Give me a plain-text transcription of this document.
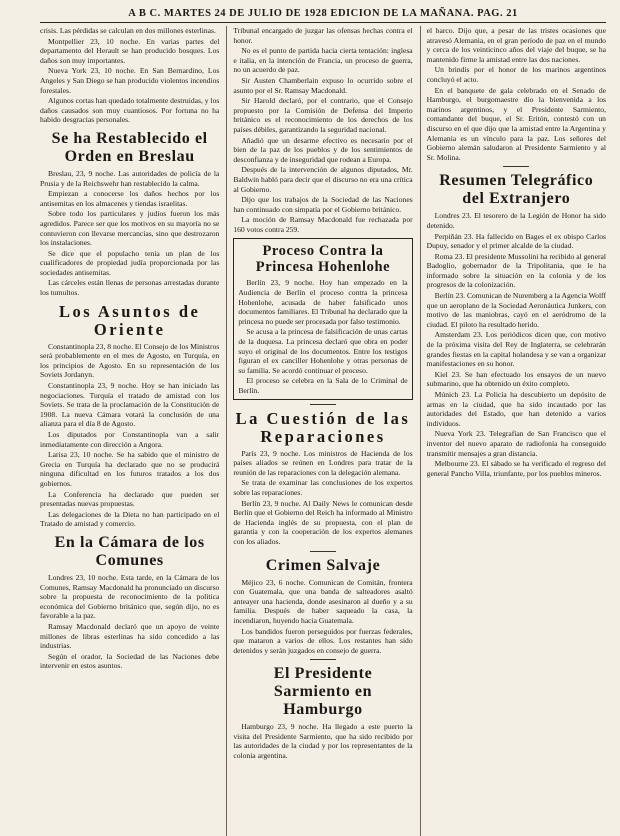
A B C. MARTES 24 DE JULIO DE 1928 EDICION DE LA MAÑANA. PAG. 21
crisis. Las pérdidas se calculan en dos millones esterlinas.
Montpellier 23, 10 noche. En varias partes del departamento del Herault se han producido bosques. Los daños son muy importantes.
Nueva York 23, 10 noche. En San Bernardino, Los Angeles y San Diego se han producido violentos incendios forestales.
Algunos cortas han quedado totalmente destruidas, y los daños causados son muy cuantiosos. Por fortuna no ha habido desgracias personales.
Se ha Restablecido el Orden en Breslau
Breslau, 23, 9 noche. Las autoridades de policía de la Prusia y de la Reichswehr han restablecido la calma.
Empiezan a conocerse los daños hechos por los antisemitas en los almacenes y tiendas israelitas.
Sobre todo los particulares y judíos fueron los más agredidos. Parece ser que los motivos en su mayoría no se contuvieron con llevarse mercancías, sino que destrozaron los instalaciones.
Se dice que el populacho tenía un plan de los cualificadores de propiedad judía proporcionada por las sociedades antisemitas.
Las cárceles están llenas de personas arrestadas durante los tumultos.
Los Asuntos de Oriente
Constantinopla 23, 8 noche. El Consejo de los Ministros será probablemente en el mes de Agosto, en Turquía, en los principios de Agosto. En su representación de los Soviets Jordanyn.
Constantinopla 23, 9 noche. Hoy se han iniciado las negociaciones. Turquía el tratado de amistad con los Soviets. Se trata de la proclamación de la Constitución de 1908. La nueva Cámara votará la conclusión de una alianza para el día 8 de Agosto.
Los diputados por Constantinopla van a salir inmediatamente con dirección a Angora.
Larisa 23, 10 noche. Se ha sabido que el ministro de Grecia en Turquía ha declarado que no se producirá ninguna dificultad en los futuros tratados a los dos gobiernos.
La Conferencia ha declarado que pueden ser presentadas nuevas propuestas.
Las delegaciones de la Dieta no han participado en el Tratado de amistad y comercio.
En la Cámara de los Comunes
Londres 23, 10 noche. Esta tarde, en la Cámara de los Comunes, Ramsay Macdonald ha pronunciado un discurso sobre la propuesta de reconocimiento de la política económica del Gobierno británico que, según dijo, no es favorable a la paz.
Ramsay Macdonald declaró que un apoyo de veinte millones de libras esterlinas ha sido concedido a las industrias.
Según el orador, la Sociedad de las Naciones debe intervenir en estos asuntos.
Tribunal encargado de juzgar las ofensas hechas contra el honor.
No es el punto de partida hacia cierta tentación: inglesa e italia, en la intención de Francia, un proceso de guerra, no un acuerdo de paz.
Sir Austen Chamberlain expuso lo ocurrido sobre el asunto por el Sr. Ramsay Macdonald.
Sir Harold declaró, por el contrario, que el Consejo propuesto por la Comisión de Defensa del Imperio británico es el reconocimiento de los derechos de los países débiles, garantizando la seguridad nacional.
Añadió que un desarme efectivo es necesario por el bien de la paz de los pueblos y de los sentimientos de desconfianza y de inseguridad que rodean a Europa.
Después de la intervención de algunos diputados, Mr. Baldwin habló para decir que el discurso no era una crítica al Gobierno.
Dijo que los trabajos de la Sociedad de las Naciones han continuado con simpatía por el Gobierno británico.
La moción de Ramsay Macdonald fue rechazada por 160 votos contra 259.
Proceso Contra la Princesa Hohenlohe
Berlín 23, 9 noche. Hoy han empezado en la Audiencia de Berlín el proceso contra la princesa Hohenlohe, acusada de haber falsificado unos documentos familiares. El Tribunal ha declarado que la princesa no puede ser procesada por falso testimonio.
Se acusa a la princesa de falsificación de unas cartas de la duquesa. La princesa declaró que obra en poder suyo el original de los documentos. Entre los testigos figuran el ex canciller Hohenlohe y otras personas de su familia. Se acordó continuar el proceso.
El proceso se celebra en la Sala de lo Criminal de Berlín.
La Cuestión de las Reparaciones
París 23, 9 noche. Los ministros de Hacienda de los países aliados se reúnen en Londres para tratar de la reunión de las reparaciones con la delegación alemana.
Se trata de examinar las conclusiones de los expertos sobre las reparaciones.
Berlín 23, 9 noche. Al Daily News le comunican desde Berlín que el Gobierno del Reich ha informado al Ministro de Hacienda inglés de su propuesta, con el plan de garantía y con la cooperación de los expertos alemanes con los aliados.
Crimen Salvaje
Méjico 23, 6 noche. Comunican de Comitán, frontera con Guatemala, que una banda de salteadores asaltó anteayer una hacienda, donde asesinaron al dueño y a su familia. Después de haber saqueado la casa, la incendiaron, huyendo hacia Guatemala.
Los bandidos fueron perseguidos por fuerzas federales, que mataron a varios de ellos. Los restantes han sido detenidos y serán juzgados en consejo de guerra.
El Presidente Sarmiento en Hamburgo
Hamburgo 23, 9 noche. Ha llegado a este puerto la visita del Presidente Sarmiento, que ha sido recibido por las autoridades de la ciudad y por los representantes de la colonia argentina.
el barco. Dijo que, a pesar de las tristes ocasiones que atravesó Alemania, en el gran período de paz en el mundo y cerca de los veinticinco años del viaje del buque, se ha mantenido firme la amistad entre las dos naciones.
Un brindis por el honor de los marinos argentinos concluyó el acto.
En el banquete de gala celebrado en el Senado de Hamburgo, el burgomaestre dio la bienvenida a los marinos argentinos, y el Presidente Sarmiento, comandante del buque, el Sr. Eritón, contestó con un discurso en el que dijo que la amistad entre la Argentina y Alemania es un vínculo para la paz. Los señores del Gobierno alemán saludaron al Presidente Sarmiento y al Sr. Molina.
Resumen Telegráfico del Extranjero
Londres 23. El tesorero de la Legión de Honor ha sido detenido.
Perpiñán 23. Ha fallecido en Bages el ex obispo Carlos Dupuy, senador y el primer alcalde de la ciudad.
Roma 23. El presidente Mussolini ha recibido al general Badoglio, gobernador de la Tripolitania, que le ha informado sobre la situación en la colonia y de los progresos de la colonización.
Berlín 23. Comunican de Nuremberg a la Agencia Wolff que un aeroplano de la Sociedad Aeronáutica Junkers, con motivo de las maniobras, cayó en el aeródromo de la ciudad. El piloto ha resultado herido.
Amsterdam 23. Los periódicos dicen que, con motivo de la próxima visita del Rey de Inglaterra, se celebrarán grandes fiestas en la capital holandesa y se van a organizar manifestaciones en su honor.
Kiel 23. Se han efectuado los ensayos de un nuevo submarino, que ha obtenido un éxito completo.
Múnich 23. La Policía ha descubierto un depósito de armas en la ciudad, que ha sido incautado por las autoridades del Estado, que han detenido a varios individuos.
Nueva York 23. Telegrafían de San Francisco que el inventor del nuevo aparato de radiofonía ha conseguido transmitir mensajes a gran distancia.
Melbourne 23. El sábado se ha verificado el regreso del general Pancho Villa, triunfante, por los pueblos mineros.
